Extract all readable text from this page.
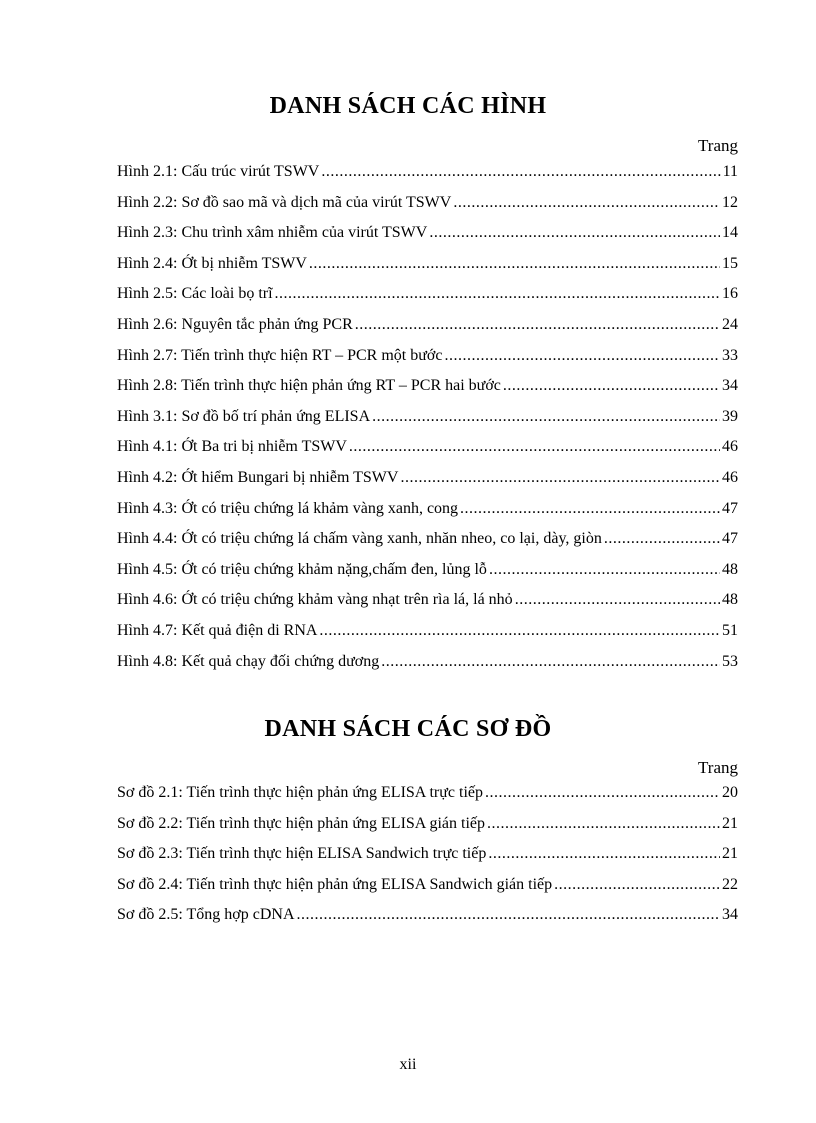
DANH SÁCH CÁC HÌNH
Trang
Hình 2.1: Cấu trúc virút TSWV .....	11
Hình 2.2: Sơ đồ sao mã và dịch mã của virút TSWV .....	12
Hình 2.3: Chu trình xâm nhiễm của virút TSWV .....	14
Hình 2.4: Ớt bị nhiễm TSWV .....	15
Hình 2.5: Các loài bọ trĩ .....	16
Hình 2.6: Nguyên tắc phản ứng PCR .....	24
Hình 2.7: Tiến trình thực hiện RT – PCR một bước .....	33
Hình 2.8: Tiến trình thực hiện phản ứng RT – PCR hai bước .....	34
Hình 3.1: Sơ đồ bố trí phản ứng ELISA .....	39
Hình 4.1: Ớt Ba tri bị nhiễm TSWV .....	46
Hình 4.2: Ớt hiểm Bungari bị nhiễm TSWV .....	46
Hình 4.3: Ớt có triệu chứng lá khảm vàng xanh, cong .....	47
Hình 4.4: Ớt có triệu chứng lá chấm vàng xanh, nhăn nheo, co lại, dày, giòn .....	47
Hình 4.5: Ớt có triệu chứng khảm nặng,chấm đen, lủng lỗ .....	48
Hình 4.6: Ớt có triệu chứng khảm vàng nhạt trên rìa lá, lá nhỏ .....	48
Hình 4.7: Kết quả điện di RNA .....	51
Hình 4.8: Kết quả chạy đối chứng dương .....	53
DANH SÁCH CÁC SƠ ĐỒ
Trang
Sơ đồ 2.1: Tiến trình thực hiện phản ứng ELISA trực tiếp .....	20
Sơ đồ 2.2: Tiến trình thực hiện phản ứng ELISA gián tiếp .....	21
Sơ đồ 2.3: Tiến trình thực hiện ELISA Sandwich trực tiếp .....	21
Sơ đồ 2.4: Tiến trình thực hiện phản ứng ELISA Sandwich gián tiếp .....	22
Sơ đồ 2.5: Tổng hợp cDNA .....	34
xii
